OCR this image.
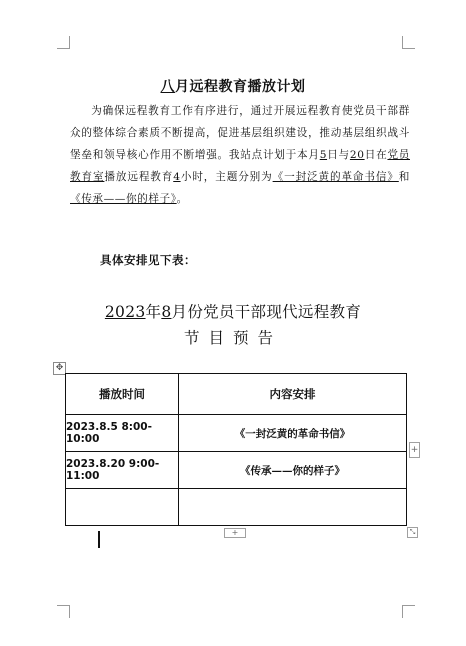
八月远程教育播放计划
为确保远程教育工作有序进行，通过开展远程教育使党员干部群众的整体综合素质不断提高，促进基层组织建设，推动基层组织战斗堡垒和领导核心作用不断增强。我站点计划于本月5日与20日在党员教育室播放远程教育4小时，主题分别为《一封泛黄的革命书信》和《传承——你的样子》。
具体安排见下表：
2023年8月份党员干部现代远程教育
节目预告
✥
播放时间	内容安排
2023.8.5 8:00-10:00	《一封泛黄的革命书信》
2023.8.20 9:00-11:00	《传承——你的样子》

+
+	⤡
